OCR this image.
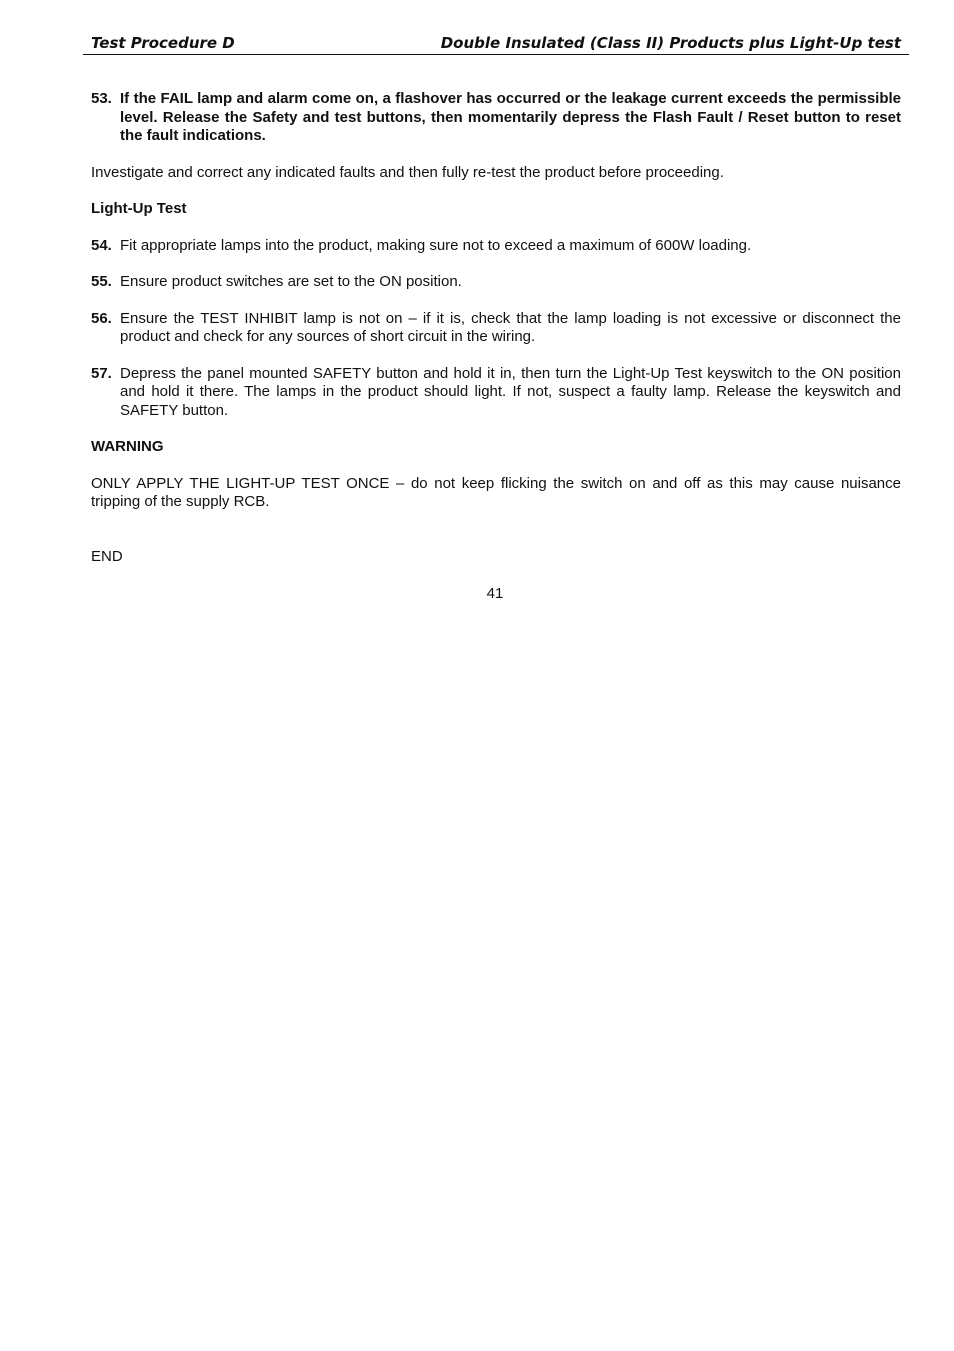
Test Procedure D	Double Insulated (Class II) Products plus Light-Up test
53. If the FAIL lamp and alarm come on, a flashover has occurred or the leakage current exceeds the permissible level. Release the Safety and test buttons, then momentarily depress the Flash Fault / Reset button to reset the fault indications.

Investigate and correct any indicated faults and then fully re-test the product before proceeding.

Light-Up Test

54. Fit appropriate lamps into the product, making sure not to exceed a maximum of 600W loading.
55. Ensure product switches are set to the ON position.
56. Ensure the TEST INHIBIT lamp is not on – if it is, check that the lamp loading is not excessive or disconnect the product and check for any sources of short circuit in the wiring.
57. Depress the panel mounted SAFETY button and hold it in, then turn the Light-Up Test keyswitch to the ON position and hold it there. The lamps in the product should light. If not, suspect a faulty lamp. Release the keyswitch and SAFETY button.

WARNING

ONLY APPLY THE LIGHT-UP TEST ONCE – do not keep flicking the switch on and off as this may cause nuisance tripping of the supply RCB.

END

41
